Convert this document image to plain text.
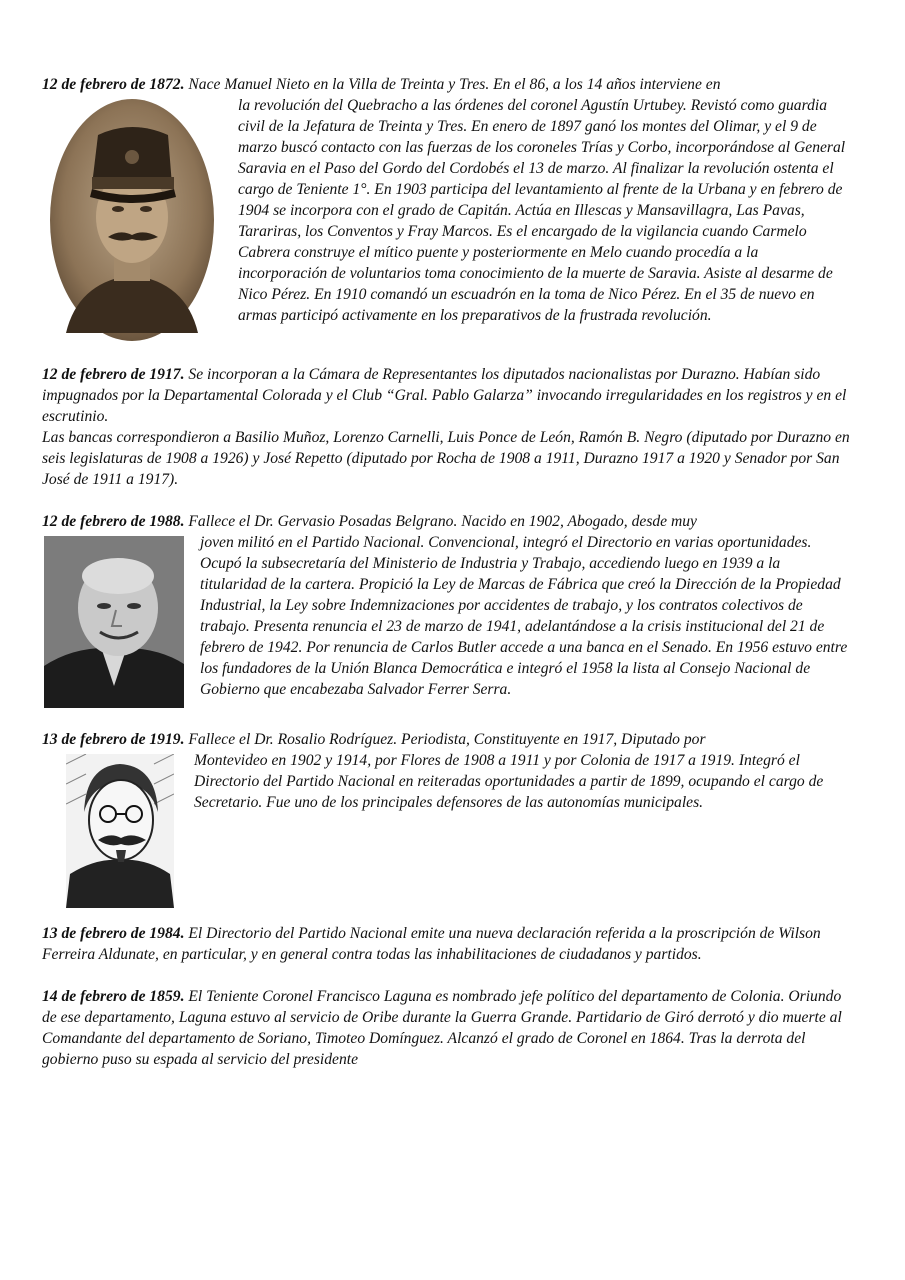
12 de febrero de 1872. Nace Manuel Nieto en la Villa de Treinta y Tres. En el 86, a los 14 años interviene en

la revolución del Quebracho a las órdenes del coronel Agustín Urtubey. Revistó como guardia civil de la Jefatura de Treinta y Tres. En enero de 1897 ganó los montes del Olimar, y el 9 de marzo buscó contacto con las fuerzas de los coroneles Trías y Corbo, incorporándose al General Saravia en el Paso del Gordo del Cordobés el 13 de marzo. Al finalizar la revolución ostenta el cargo de Teniente 1°. En 1903 participa del levantamiento al frente de la Urbana y en febrero de 1904 se incorpora con el grado de Capitán. Actúa en Illescas y Mansavillagra, Las Pavas, Tarariras, los Conventos y Fray Marcos. Es el encargado de la vigilancia cuando Carmelo Cabrera construye el mítico puente y posteriormente en Melo cuando procedía a la incorporación de voluntarios toma conocimiento de la muerte de Saravia. Asiste al desarme de Nico Pérez. En 1910 comandó un escuadrón en la toma de Nico Pérez. En el 35 de nuevo en armas participó activamente en los preparativos de la frustrada revolución.

12 de febrero de 1917. Se incorporan a la Cámara de Representantes los diputados nacionalistas por Durazno. Habían sido impugnados por la Departamental Colorada y el Club “Gral. Pablo Galarza” invocando irregularidades en los registros y en el escrutinio.

Las bancas correspondieron a Basilio Muñoz, Lorenzo Carnelli, Luis Ponce de León, Ramón B. Negro (diputado por Durazno en seis legislaturas de 1908 a 1926) y José Repetto (diputado por Rocha de 1908 a 1911, Durazno 1917 a 1920 y Senador por San José de 1911 a 1917).

12 de febrero de 1988. Fallece el Dr. Gervasio Posadas Belgrano. Nacido en 1902, Abogado, desde muy

joven militó en el Partido Nacional. Convencional, integró el Directorio en varias oportunidades. Ocupó la subsecretaría del Ministerio de Industria y Trabajo, accediendo luego en 1939 a la titularidad de la cartera. Propició la Ley de Marcas de Fábrica que creó la Dirección de la Propiedad Industrial, la Ley sobre Indemnizaciones por accidentes de trabajo, y los contratos colectivos de trabajo. Presenta renuncia el 23 de marzo de 1941, adelantándose a la crisis institucional del 21 de febrero de 1942. Por renuncia de Carlos Butler accede a una banca en el Senado. En 1956 estuvo entre los fundadores de la Unión Blanca Democrática e integró el 1958 la lista al Consejo Nacional de Gobierno que encabezaba Salvador Ferrer Serra.

13 de febrero de 1919. Fallece el Dr. Rosalio Rodríguez. Periodista, Constituyente en 1917, Diputado por

Montevideo en 1902 y 1914, por Flores de 1908 a 1911 y por Colonia de 1917 a 1919. Integró el Directorio del Partido Nacional en reiteradas oportunidades a partir de 1899, ocupando el cargo de Secretario. Fue uno de los principales defensores de las autonomías municipales.

13 de febrero de 1984. El Directorio del Partido Nacional emite una nueva declaración referida a la proscripción de Wilson Ferreira Aldunate, en particular, y en general contra todas las inhabilitaciones de ciudadanos y partidos.

14 de febrero de 1859. El Teniente Coronel Francisco Laguna es nombrado jefe político del departamento de Colonia. Oriundo de ese departamento, Laguna estuvo al servicio de Oribe durante la Guerra Grande. Partidario de Giró derrotó y dio muerte al Comandante del departamento de Soriano, Timoteo Domínguez. Alcanzó el grado de Coronel en 1864. Tras la derrota del gobierno puso su espada al servicio del presidente
